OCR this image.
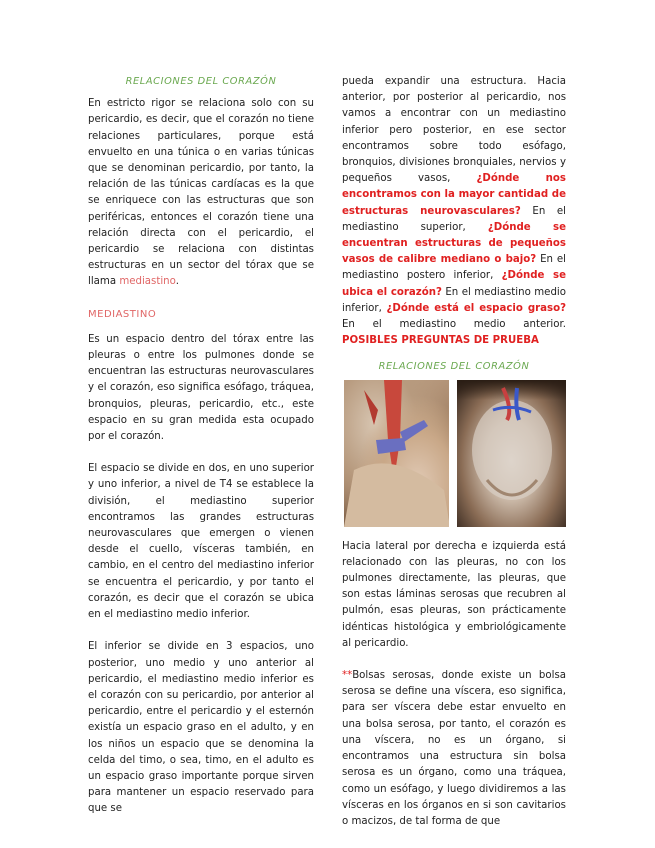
RELACIONES DEL CORAZÓN

En estricto rigor se relaciona solo con su pericardio, es decir, que el corazón no tiene relaciones particulares, porque está envuelto en una túnica o en varias túnicas que se denominan pericardio, por tanto, la relación de las túnicas cardíacas es la que se enriquece con las estructuras que son periféricas, entonces el corazón tiene una relación directa con el pericardio, el pericardio se relaciona con distintas estructuras en un sector del tórax que se llama mediastino.

MEDIASTINO

Es un espacio dentro del tórax entre las pleuras o entre los pulmones donde se encuentran las estructuras neurovasculares y el corazón, eso significa esófago, tráquea, bronquios, pleuras, pericardio, etc., este espacio en su gran medida esta ocupado por el corazón.

El espacio se divide en dos, en uno superior y uno inferior, a nivel de T4 se establece la división, el mediastino superior encontramos las grandes estructuras neurovasculares que emergen o vienen desde el cuello, vísceras también, en cambio, en el centro del mediastino inferior se encuentra el pericardio, y por tanto el corazón, es decir que el corazón se ubica en el mediastino medio inferior.

El inferior se divide en 3 espacios, uno posterior, uno medio y uno anterior al pericardio, el mediastino medio inferior es el corazón con su pericardio, por anterior al pericardio, entre el pericardio y el esternón existía un espacio graso en el adulto, y en los niños un espacio que se denomina la celda del timo, o sea, timo, en el adulto es un espacio graso importante porque sirven para mantener un espacio reservado para que se

pueda expandir una estructura. Hacia anterior, por posterior al pericardio, nos vamos a encontrar con un mediastino inferior pero posterior, en ese sector encontramos sobre todo esófago, bronquios, divisiones bronquiales, nervios y pequeños vasos, ¿Dónde nos encontramos con la mayor cantidad de estructuras neurovasculares? En el mediastino superior, ¿Dónde se encuentran estructuras de pequeños vasos de calibre mediano o bajo? En el mediastino postero inferior, ¿Dónde se ubica el corazón? En el mediastino medio inferior, ¿Dónde está el espacio graso? En el mediastino medio anterior. POSIBLES PREGUNTAS DE PRUEBA

RELACIONES DEL CORAZÓN

Hacia lateral por derecha e izquierda está relacionado con las pleuras, no con los pulmones directamente, las pleuras, que son estas láminas serosas que recubren al pulmón, esas pleuras, son prácticamente idénticas histológica y embriológicamente al pericardio.

**Bolsas serosas, donde existe un bolsa serosa se define una víscera, eso significa, para ser víscera debe estar envuelto en una bolsa serosa, por tanto, el corazón es una víscera, no es un órgano, si encontramos una estructura sin bolsa serosa es un órgano, como una tráquea, como un esófago, y luego dividiremos a las vísceras en los órganos en si son cavitarios o macizos, de tal forma de que
